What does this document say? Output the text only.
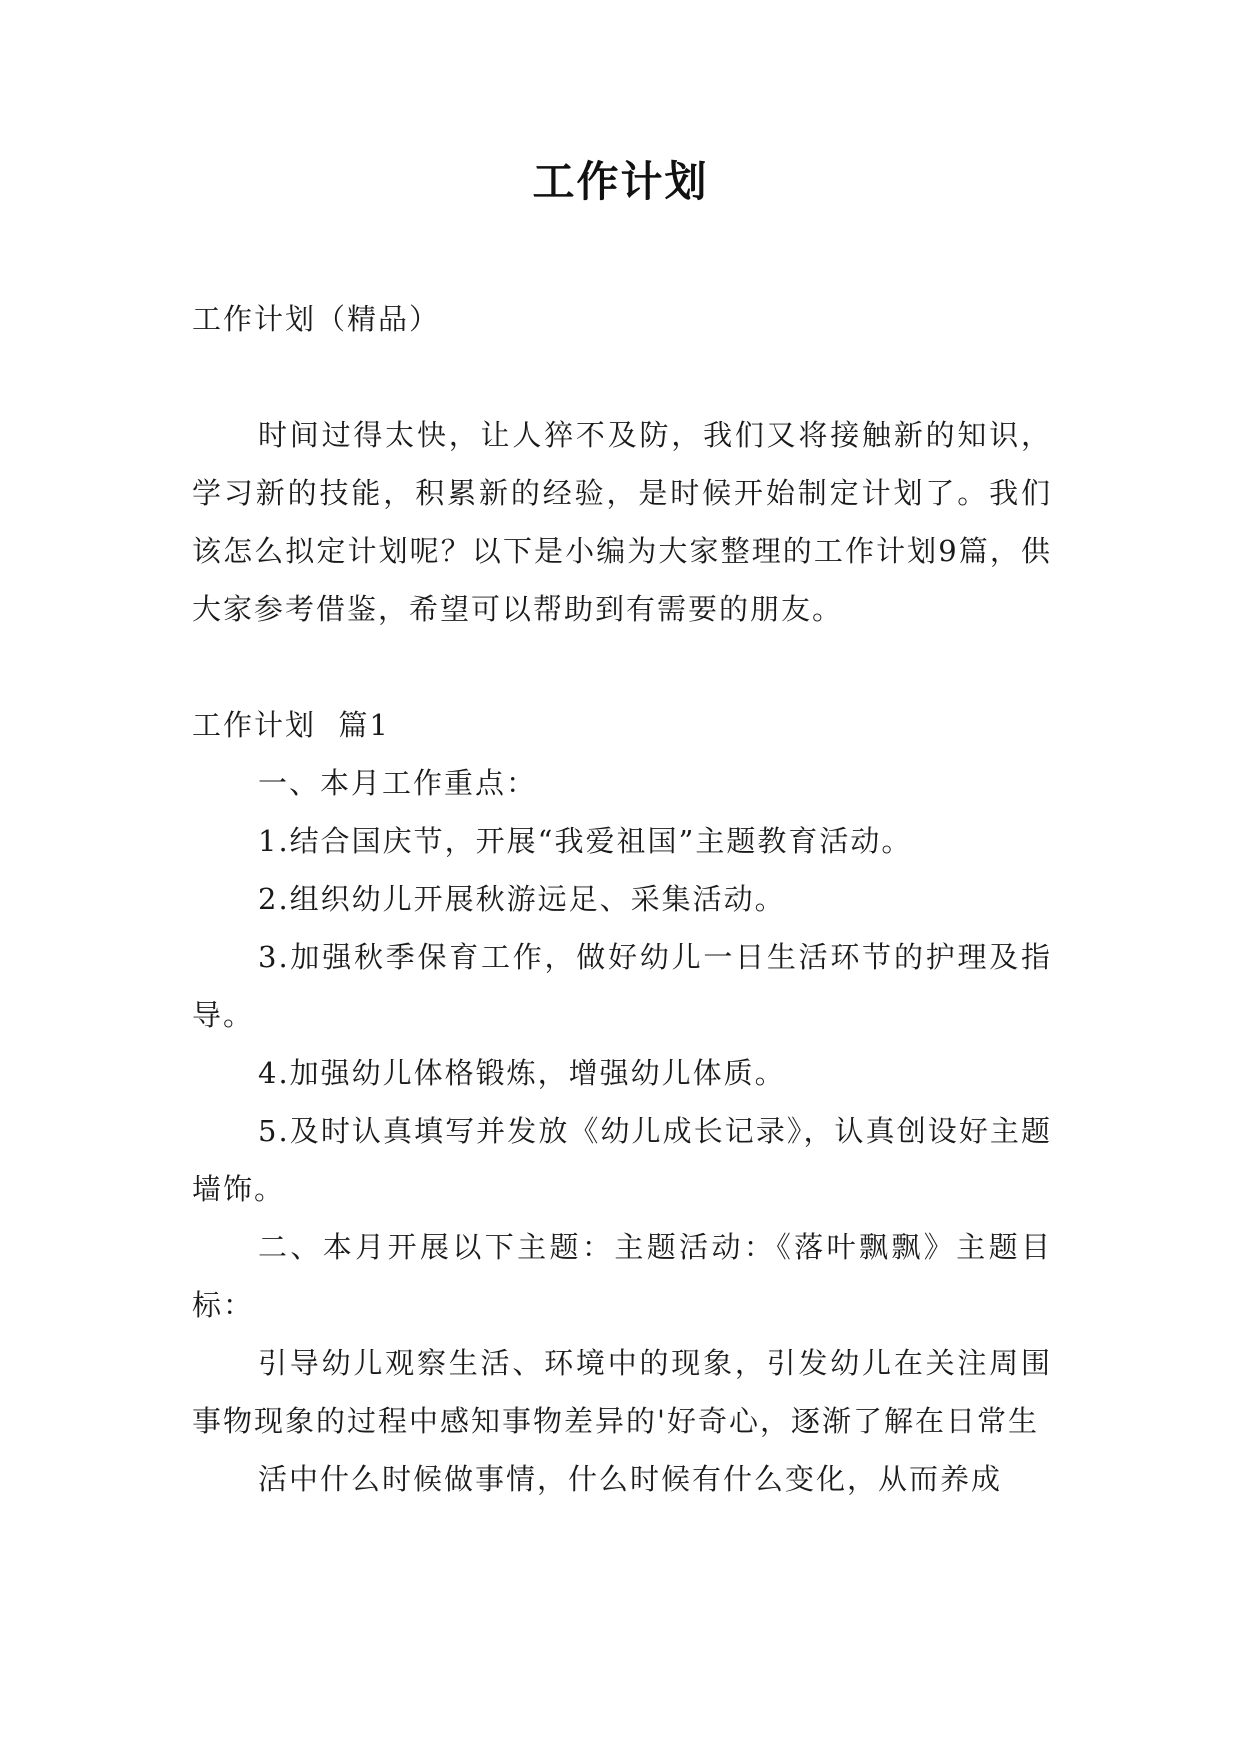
工作计划

工作计划（精品）

时间过得太快，让人猝不及防，我们又将接触新的知识，学习新的技能，积累新的经验，是时候开始制定计划了。我们该怎么拟定计划呢？以下是小编为大家整理的工作计划9篇，供大家参考借鉴，希望可以帮助到有需要的朋友。

工作计划  篇1

一、本月工作重点：

1.结合国庆节，开展“我爱祖国”主题教育活动。

2.组织幼儿开展秋游远足、采集活动。

3.加强秋季保育工作，做好幼儿一日生活环节的护理及指导。

4.加强幼儿体格锻炼，增强幼儿体质。

5.及时认真填写并发放《幼儿成长记录》，认真创设好主题墙饰。

二、本月开展以下主题：主题活动：《落叶飘飘》主题目标：

引导幼儿观察生活、环境中的现象，引发幼儿在关注周围事物现象的过程中感知事物差异的'好奇心，逐渐了解在日常生

活中什么时候做事情，什么时候有什么变化，从而养成
